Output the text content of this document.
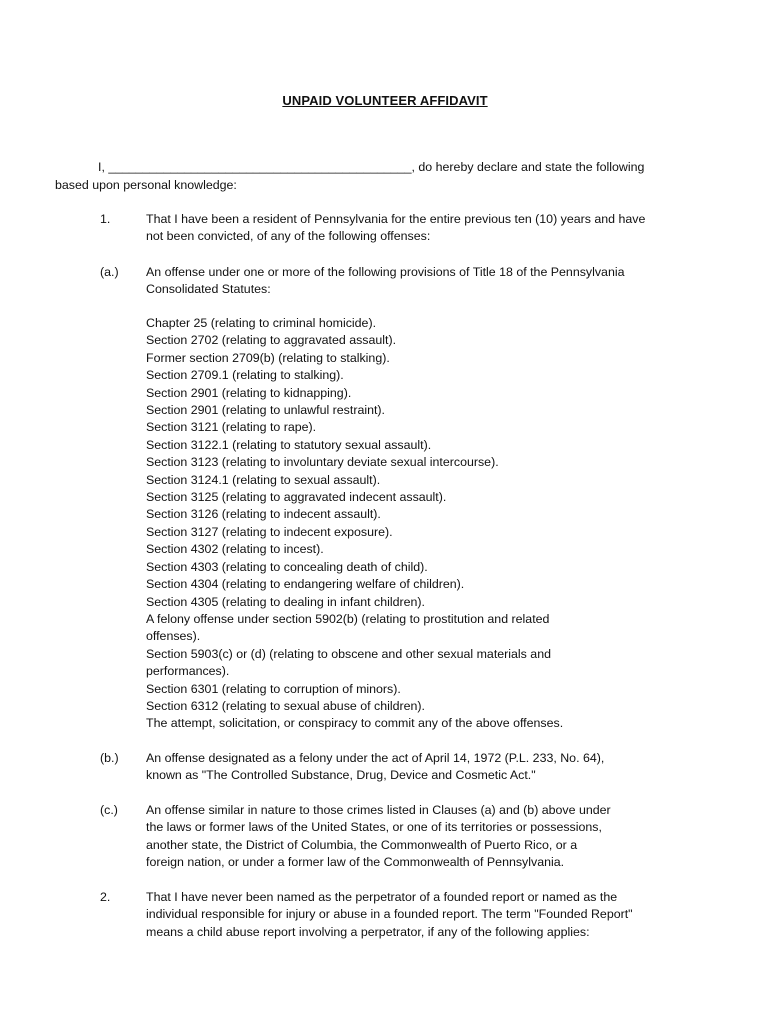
UNPAID VOLUNTEER AFFIDAVIT
I, ____________________________________________, do hereby declare and state the following
based upon personal knowledge:
1.	That I have been a resident of Pennsylvania for the entire previous ten (10) years and have
not been convicted, of any of the following offenses:
(a.) An offense under one or more of the following provisions of Title 18 of the Pennsylvania
Consolidated Statutes:
Chapter 25 (relating to criminal homicide).
Section 2702 (relating to aggravated assault).
Former section 2709(b) (relating to stalking).
Section 2709.1 (relating to stalking).
Section 2901 (relating to kidnapping).
Section 2901 (relating to unlawful restraint).
Section 3121 (relating to rape).
Section 3122.1 (relating to statutory sexual assault).
Section 3123 (relating to involuntary deviate sexual intercourse).
Section 3124.1 (relating to sexual assault).
Section 3125 (relating to aggravated indecent assault).
Section 3126 (relating to indecent assault).
Section 3127 (relating to indecent exposure).
Section 4302 (relating to incest).
Section 4303 (relating to concealing death of child).
Section 4304 (relating to endangering welfare of children).
Section 4305 (relating to dealing in infant children).
A felony offense under section 5902(b) (relating to prostitution and related
offenses).
Section 5903(c) or (d) (relating to obscene and other sexual materials and
performances).
Section 6301 (relating to corruption of minors).
Section 6312 (relating to sexual abuse of children).
The attempt, solicitation, or conspiracy to commit any of the above offenses.
(b.) An offense designated as a felony under the act of April 14, 1972 (P.L. 233, No. 64),
known as "The Controlled Substance, Drug, Device and Cosmetic Act."
(c.) An offense similar in nature to those crimes listed in Clauses (a) and (b) above under
the laws or former laws of the United States, or one of its territories or possessions,
another state, the District of Columbia, the Commonwealth of Puerto Rico, or a
foreign nation, or under a former law of the Commonwealth of Pennsylvania.
2.	That I have never been named as the perpetrator of a founded report or named as the
individual responsible for injury or abuse in a founded report. The term "Founded Report"
means a child abuse report involving a perpetrator, if any of the following applies:
